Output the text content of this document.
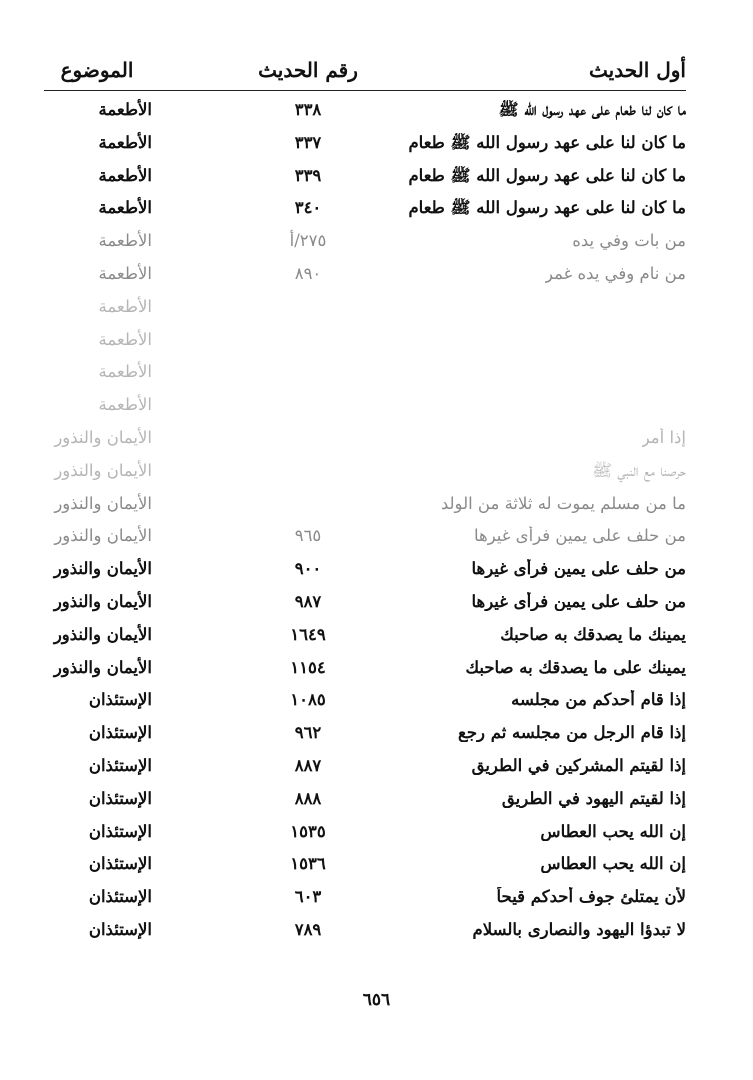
أول الحديث
رقم الحديث
الموضوع
ما كان لنا طعام على عهد رسول الله ﷺ
٣٣٨
الأطعمة
ما كان لنا على عهد رسول الله ﷺ طعام
٣٣٧
الأطعمة
ما كان لنا على عهد رسول الله ﷺ طعام
٣٣٩
الأطعمة
ما كان لنا على عهد رسول الله ﷺ طعام
٣٤٠
الأطعمة
من بات وفي يده
٢٧٥/أ
الأطعمة
من نام وفي يده غمر
٨٩٠
الأطعمة
الأطعمة
الأطعمة
الأطعمة
الأطعمة
إذا أمر
الأيمان والنذور
حرصنا مع النبي ﷺ
الأيمان والنذور
ما من مسلم يموت له ثلاثة من الولد
الأيمان والنذور
من حلف على يمين فرأى غيرها
٩٦٥
الأيمان والنذور
من حلف على يمين فرأى غيرها
٩٠٠
الأيمان والنذور
من حلف على يمين فرأى غيرها
٩٨٧
الأيمان والنذور
يمينك ما يصدقك به صاحبك
١٦٤٩
الأيمان والنذور
يمينك على ما يصدقك به صاحبك
١١٥٤
الأيمان والنذور
إذا قام أحدكم من مجلسه
١٠٨٥
الإستئذان
إذا قام الرجل من مجلسه ثم رجع
٩٦٢
الإستئذان
إذا لقيتم المشركين في الطريق
٨٨٧
الإستئذان
إذا لقيتم اليهود في الطريق
٨٨٨
الإستئذان
إن الله يحب العطاس
١٥٣٥
الإستئذان
إن الله يحب العطاس
١٥٣٦
الإستئذان
لأن يمتلئ جوف أحدكم قيحاً
٦٠٣
الإستئذان
لا تبدؤا اليهود والنصارى بالسلام
٧٨٩
الإستئذان
٦٥٦
